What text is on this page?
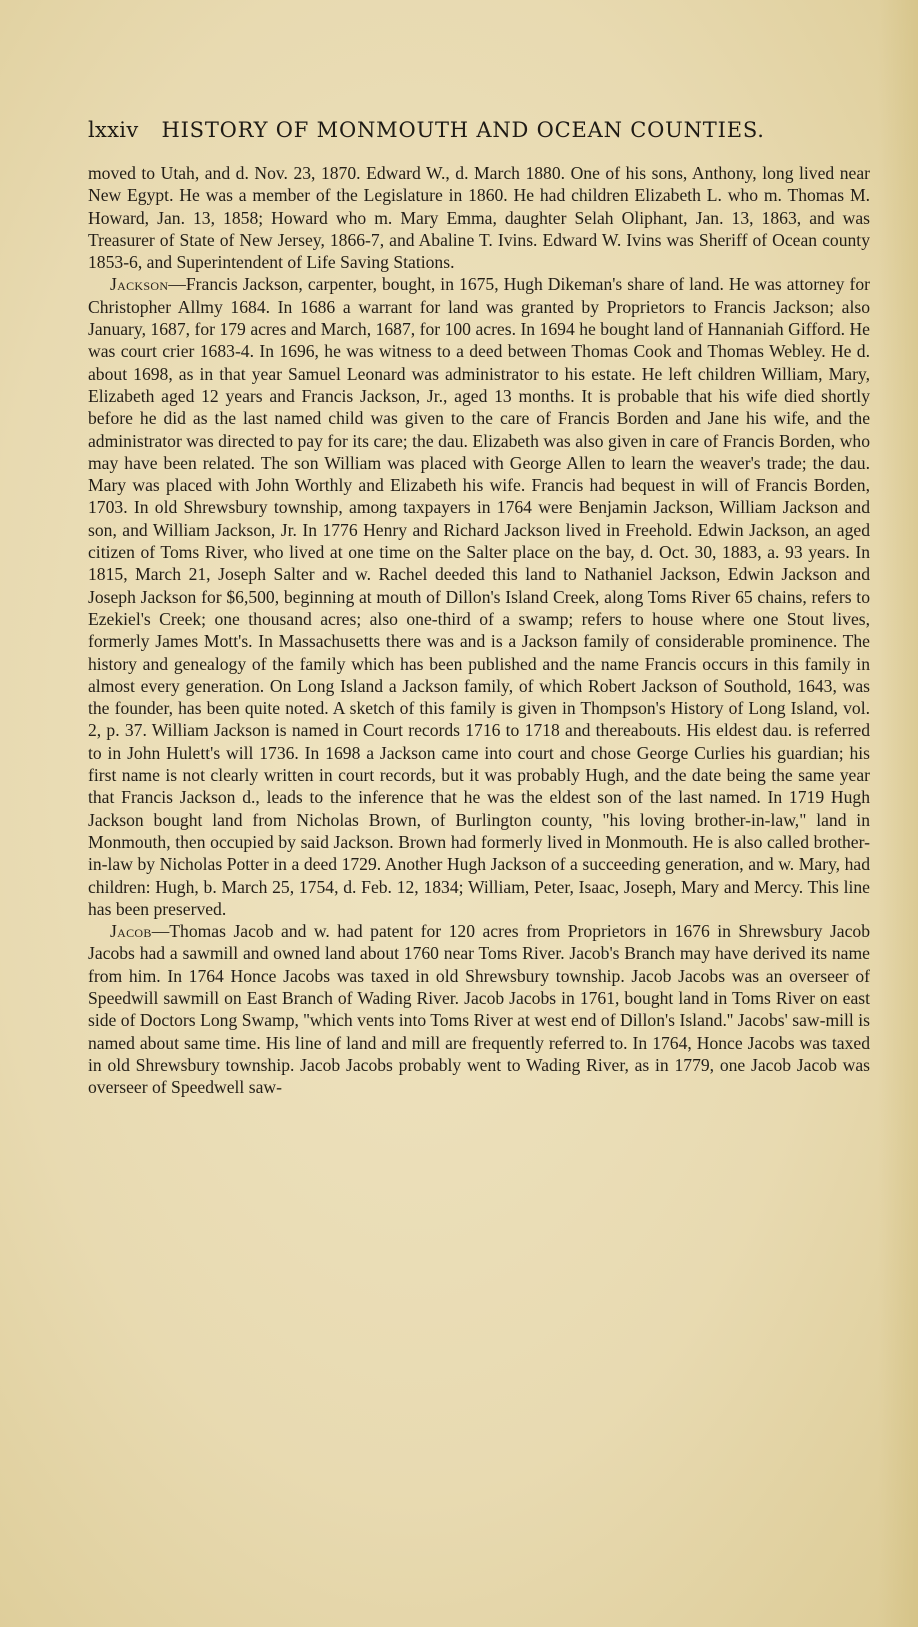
lxxiv HISTORY OF MONMOUTH AND OCEAN COUNTIES.

moved to Utah, and d. Nov. 23, 1870. Edward W., d. March 1880. One of his sons, Anthony, long lived near New Egypt. He was a member of the Legislature in 1860. He had children Elizabeth L. who m. Thomas M. Howard, Jan. 13, 1858; Howard who m. Mary Emma, daughter Selah Oliphant, Jan. 13, 1863, and was Treasurer of State of New Jersey, 1866-7, and Abaline T. Ivins. Edward W. Ivins was Sheriff of Ocean county 1853-6, and Superintendent of Life Saving Stations.

Jackson—Francis Jackson, carpenter, bought, in 1675, Hugh Dikeman's share of land. He was attorney for Christopher Allmy 1684. In 1686 a warrant for land was granted by Proprietors to Francis Jackson; also January, 1687, for 179 acres and March, 1687, for 100 acres. In 1694 he bought land of Hannaniah Gifford. He was court crier 1683-4. In 1696, he was witness to a deed between Thomas Cook and Thomas Webley. He d. about 1698, as in that year Samuel Leonard was administrator to his estate. He left children William, Mary, Elizabeth aged 12 years and Francis Jackson, Jr., aged 13 months. It is probable that his wife died shortly before he did as the last named child was given to the care of Francis Borden and Jane his wife, and the administrator was directed to pay for its care; the dau. Elizabeth was also given in care of Francis Borden, who may have been related. The son William was placed with George Allen to learn the weaver's trade; the dau. Mary was placed with John Worthly and Elizabeth his wife. Francis had bequest in will of Francis Borden, 1703. In old Shrewsbury township, among taxpayers in 1764 were Benjamin Jackson, William Jackson and son, and William Jackson, Jr. In 1776 Henry and Richard Jackson lived in Freehold. Edwin Jackson, an aged citizen of Toms River, who lived at one time on the Salter place on the bay, d. Oct. 30, 1883, a. 93 years. In 1815, March 21, Joseph Salter and w. Rachel deeded this land to Nathaniel Jackson, Edwin Jackson and Joseph Jackson for $6,500, beginning at mouth of Dillon's Island Creek, along Toms River 65 chains, refers to Ezekiel's Creek; one thousand acres; also one-third of a swamp; refers to house where one Stout lives, formerly James Mott's. In Massachusetts there was and is a Jackson family of considerable prominence. The history and genealogy of the family which has been published and the name Francis occurs in this family in almost every generation. On Long Island a Jackson family, of which Robert Jackson of Southold, 1643, was the founder, has been quite noted. A sketch of this family is given in Thompson's History of Long Island, vol. 2, p. 37. William Jackson is named in Court records 1716 to 1718 and thereabouts. His eldest dau. is referred to in John Hulett's will 1736. In 1698 a Jackson came into court and chose George Curlies his guardian; his first name is not clearly written in court records, but it was probably Hugh, and the date being the same year that Francis Jackson d., leads to the inference that he was the eldest son of the last named. In 1719 Hugh Jackson bought land from Nicholas Brown, of Burlington county, "his loving brother-in-law," land in Monmouth, then occupied by said Jackson. Brown had formerly lived in Monmouth. He is also called brother-in-law by Nicholas Potter in a deed 1729. Another Hugh Jackson of a succeeding generation, and w. Mary, had children: Hugh, b. March 25, 1754, d. Feb. 12, 1834; William, Peter, Isaac, Joseph, Mary and Mercy. This line has been preserved.

Jacob—Thomas Jacob and w. had patent for 120 acres from Proprietors in 1676 in Shrewsbury Jacob Jacobs had a sawmill and owned land about 1760 near Toms River. Jacob's Branch may have derived its name from him. In 1764 Honce Jacobs was taxed in old Shrewsbury township. Jacob Jacobs was an overseer of Speedwill sawmill on East Branch of Wading River. Jacob Jacobs in 1761, bought land in Toms River on east side of Doctors Long Swamp, ''which vents into Toms River at west end of Dillon's Island.'' Jacobs' saw-mill is named about same time. His line of land and mill are frequently referred to. In 1764, Honce Jacobs was taxed in old Shrewsbury township. Jacob Jacobs probably went to Wading River, as in 1779, one Jacob Jacob was overseer of Speedwell saw-
